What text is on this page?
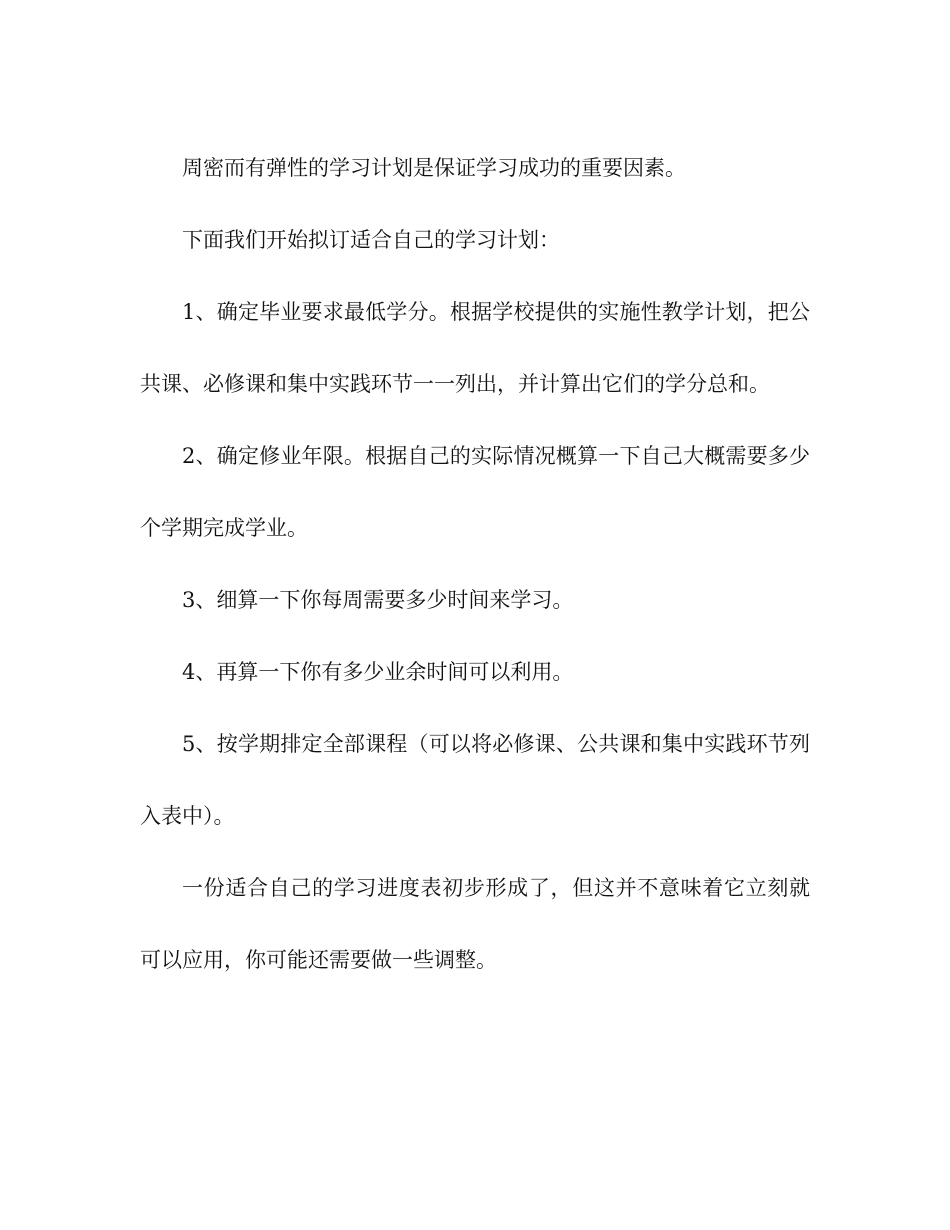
周密而有弹性的学习计划是保证学习成功的重要因素。

下面我们开始拟订适合自己的学习计划：

1、确定毕业要求最低学分。根据学校提供的实施性教学计划，把公共课、必修课和集中实践环节一一列出，并计算出它们的学分总和。

2、确定修业年限。根据自己的实际情况概算一下自己大概需要多少个学期完成学业。

3、细算一下你每周需要多少时间来学习。

4、再算一下你有多少业余时间可以利用。

5、按学期排定全部课程（可以将必修课、公共课和集中实践环节列入表中）。

一份适合自己的学习进度表初步形成了，但这并不意味着它立刻就可以应用，你可能还需要做一些调整。
